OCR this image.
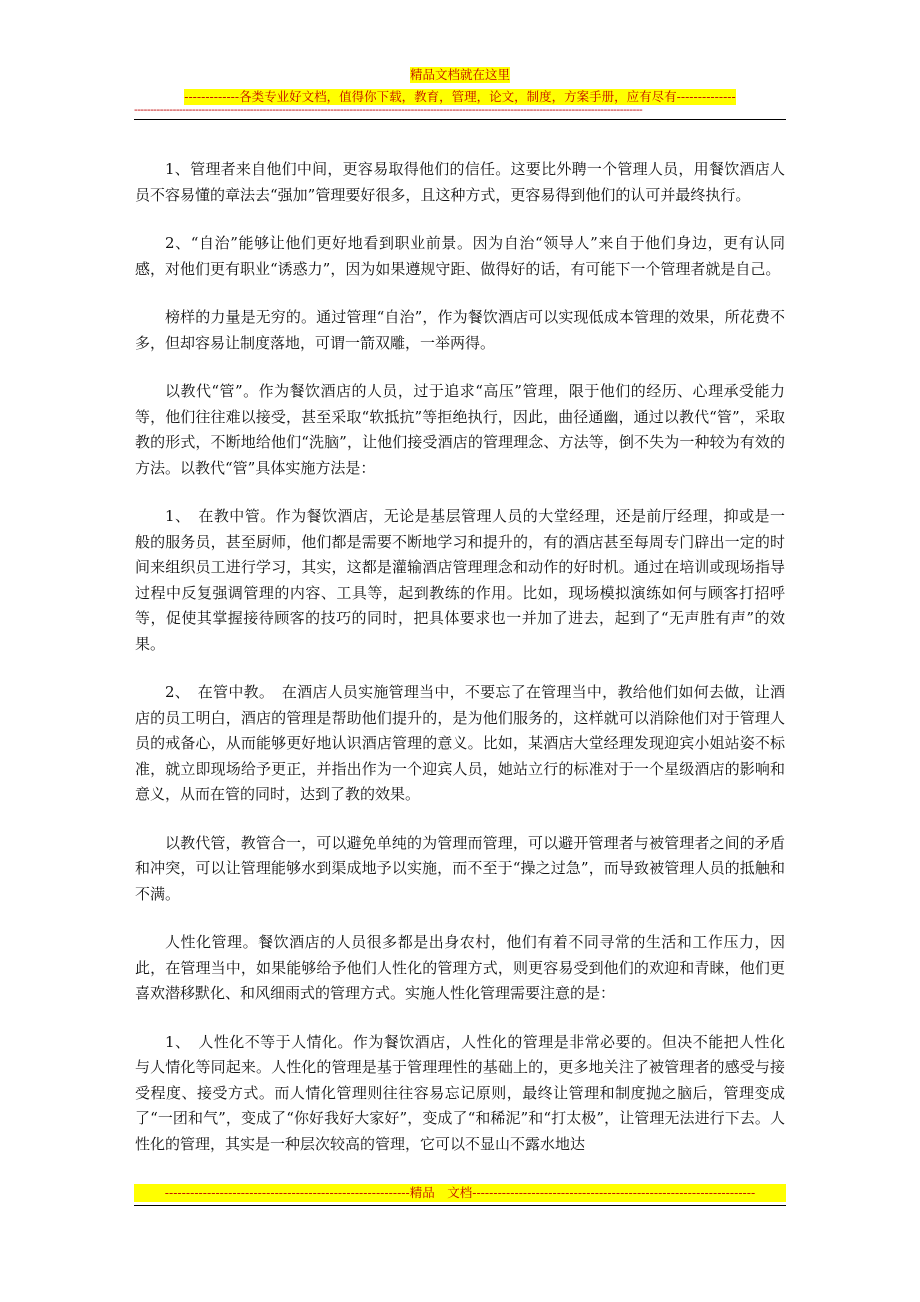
精品文档就在这里
-------------各类专业好文档，值得你下载，教育，管理，论文，制度，方案手册，应有尽有--------------
--------------------------------------------------------------------------------------------------------------------------------------------------------------

1、管理者来自他们中间，更容易取得他们的信任。这要比外聘一个管理人员，用餐饮酒店人员不容易懂的章法去“强加”管理要好很多，且这种方式，更容易得到他们的认可并最终执行。

2、“自治”能够让他们更好地看到职业前景。因为自治“领导人”来自于他们身边，更有认同感，对他们更有职业“诱惑力”，因为如果遵规守距、做得好的话，有可能下一个管理者就是自己。

榜样的力量是无穷的。通过管理“自治”，作为餐饮酒店可以实现低成本管理的效果，所花费不多，但却容易让制度落地，可谓一箭双雕，一举两得。

以教代“管”。作为餐饮酒店的人员，过于追求“高压”管理，限于他们的经历、心理承受能力等，他们往往难以接受，甚至采取“软抵抗”等拒绝执行，因此，曲径通幽，通过以教代“管”，采取教的形式，不断地给他们“洗脑”，让他们接受酒店的管理理念、方法等，倒不失为一种较为有效的方法。以教代“管”具体实施方法是：

1、　在教中管。作为餐饮酒店，无论是基层管理人员的大堂经理，还是前厅经理，抑或是一 般的服务员，甚至厨师，他们都是需要不断地学习和提升的，有的酒店甚至每周专门辟出一定的时间来组织员工进行学习，其实，这都是灌输酒店管理理念和动作的好时机。通过在培训或现场指导过程中反复强调管理的内容、工具等，起到教练的作用。比如，现场模拟演练如何与顾客打招呼等，促使其掌握接待顾客的技巧的同时，把具体要求也一并加了进去，起到了“无声胜有声”的效果。

2、　在管中教。　在酒店人员实施管理当中，不要忘了在管理当中，教给他们如何去做，让酒店的员工明白，酒店的管理是帮助他们提升的，是为他们服务的，这样就可以消除他们对于管理人员的戒备心，从而能够更好地认识酒店管理的意义。比如，某酒店大堂经理发现迎宾小姐站姿不标准，就立即现场给予更正，并指出作为一个迎宾人员，她站立行的标准对于一个星级酒店的影响和意义，从而在管的同时，达到了教的效果。

以教代管，教管合一，可以避免单纯的为管理而管理，可以避开管理者与被管理者之间的矛盾和冲突，可以让管理能够水到渠成地予以实施，而不至于“操之过急”，而导致被管理人员的抵触和不满。

人性化管理。餐饮酒店的人员很多都是出身农村，他们有着不同寻常的生活和工作压力，因此，在管理当中，如果能够给予他们人性化的管理方式，则更容易受到他们的欢迎和青睐，他们更喜欢潜移默化、和风细雨式的管理方式。实施人性化管理需要注意的是：

1、　人性化不等于人情化。作为餐饮酒店，人性化的管理是非常必要的。但决不能把人性化 与人情化等同起来。人性化的管理是基于管理理性的基础上的，更多地关注了被管理者的感受与接受程度、接受方式。而人情化管理则往往容易忘记原则，最终让管理和制度抛之脑后，管理变成了“一团和气”，变成了“你好我好大家好”，变成了“和稀泥”和“打太极”，让管理无法进行下去。人性化的管理，其实是一种层次较高的管理，它可以不显山不露水地达

----------------------------------------------------------精品　文档-------------------------------------------------------------------
